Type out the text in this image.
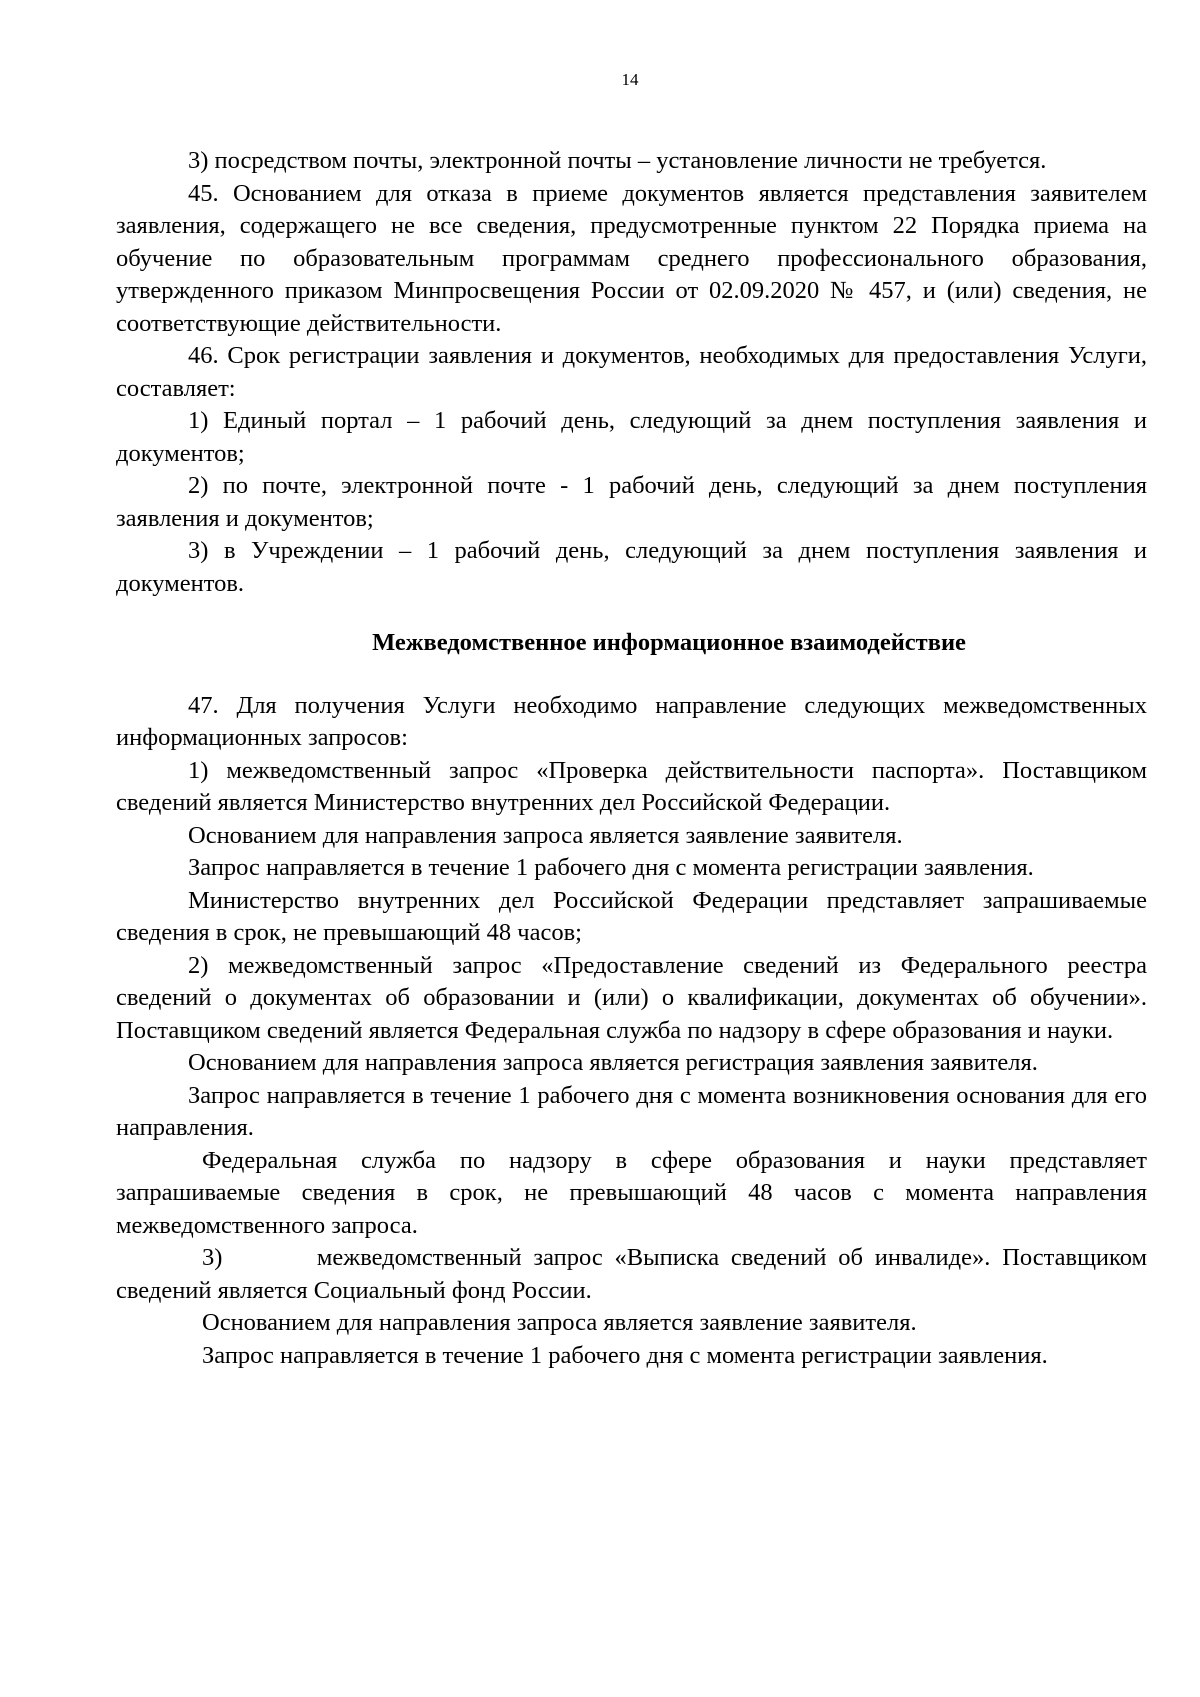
14

3) посредством почты, электронной почты – установление личности не требуется.

45. Основанием для отказа в приеме документов является представления заявителем заявления, содержащего не все сведения, предусмотренные пунктом 22 Порядка приема на обучение по образовательным программам среднего профессионального образования, утвержденного приказом Минпросвещения России от 02.09.2020 № 457, и (или) сведения, не соответствующие действительности.

46. Срок регистрации заявления и документов, необходимых для предоставления Услуги, составляет:

1) Единый портал – 1 рабочий день, следующий за днем поступления заявления и документов;

2) по почте, электронной почте - 1 рабочий день, следующий за днем поступления заявления и документов;

3) в Учреждении – 1 рабочий день, следующий за днем поступления заявления и документов.

Межведомственное информационное взаимодействие

47. Для получения Услуги необходимо направление следующих межведомственных информационных запросов:

1) межведомственный запрос «Проверка действительности паспорта». Поставщиком сведений является Министерство внутренних дел Российской Федерации.

Основанием для направления запроса является заявление заявителя.

Запрос направляется в течение 1 рабочего дня с момента регистрации заявления.

Министерство внутренних дел Российской Федерации представляет запрашиваемые сведения в срок, не превышающий 48 часов;

2) межведомственный запрос «Предоставление сведений из Федерального реестра сведений о документах об образовании и (или) о квалификации, документах об обучении». Поставщиком сведений является Федеральная служба по надзору в сфере образования и науки.

Основанием для направления запроса является регистрация заявления заявителя.

Запрос направляется в течение 1 рабочего дня с момента возникновения основания для его направления.

Федеральная служба по надзору в сфере образования и науки представляет запрашиваемые сведения в срок, не превышающий 48 часов с момента направления межведомственного запроса.

3)        межведомственный запрос «Выписка сведений об инвалиде». Поставщиком сведений является Социальный фонд России.

Основанием для направления запроса является заявление заявителя.

Запрос направляется в течение 1 рабочего дня с момента регистрации заявления.
